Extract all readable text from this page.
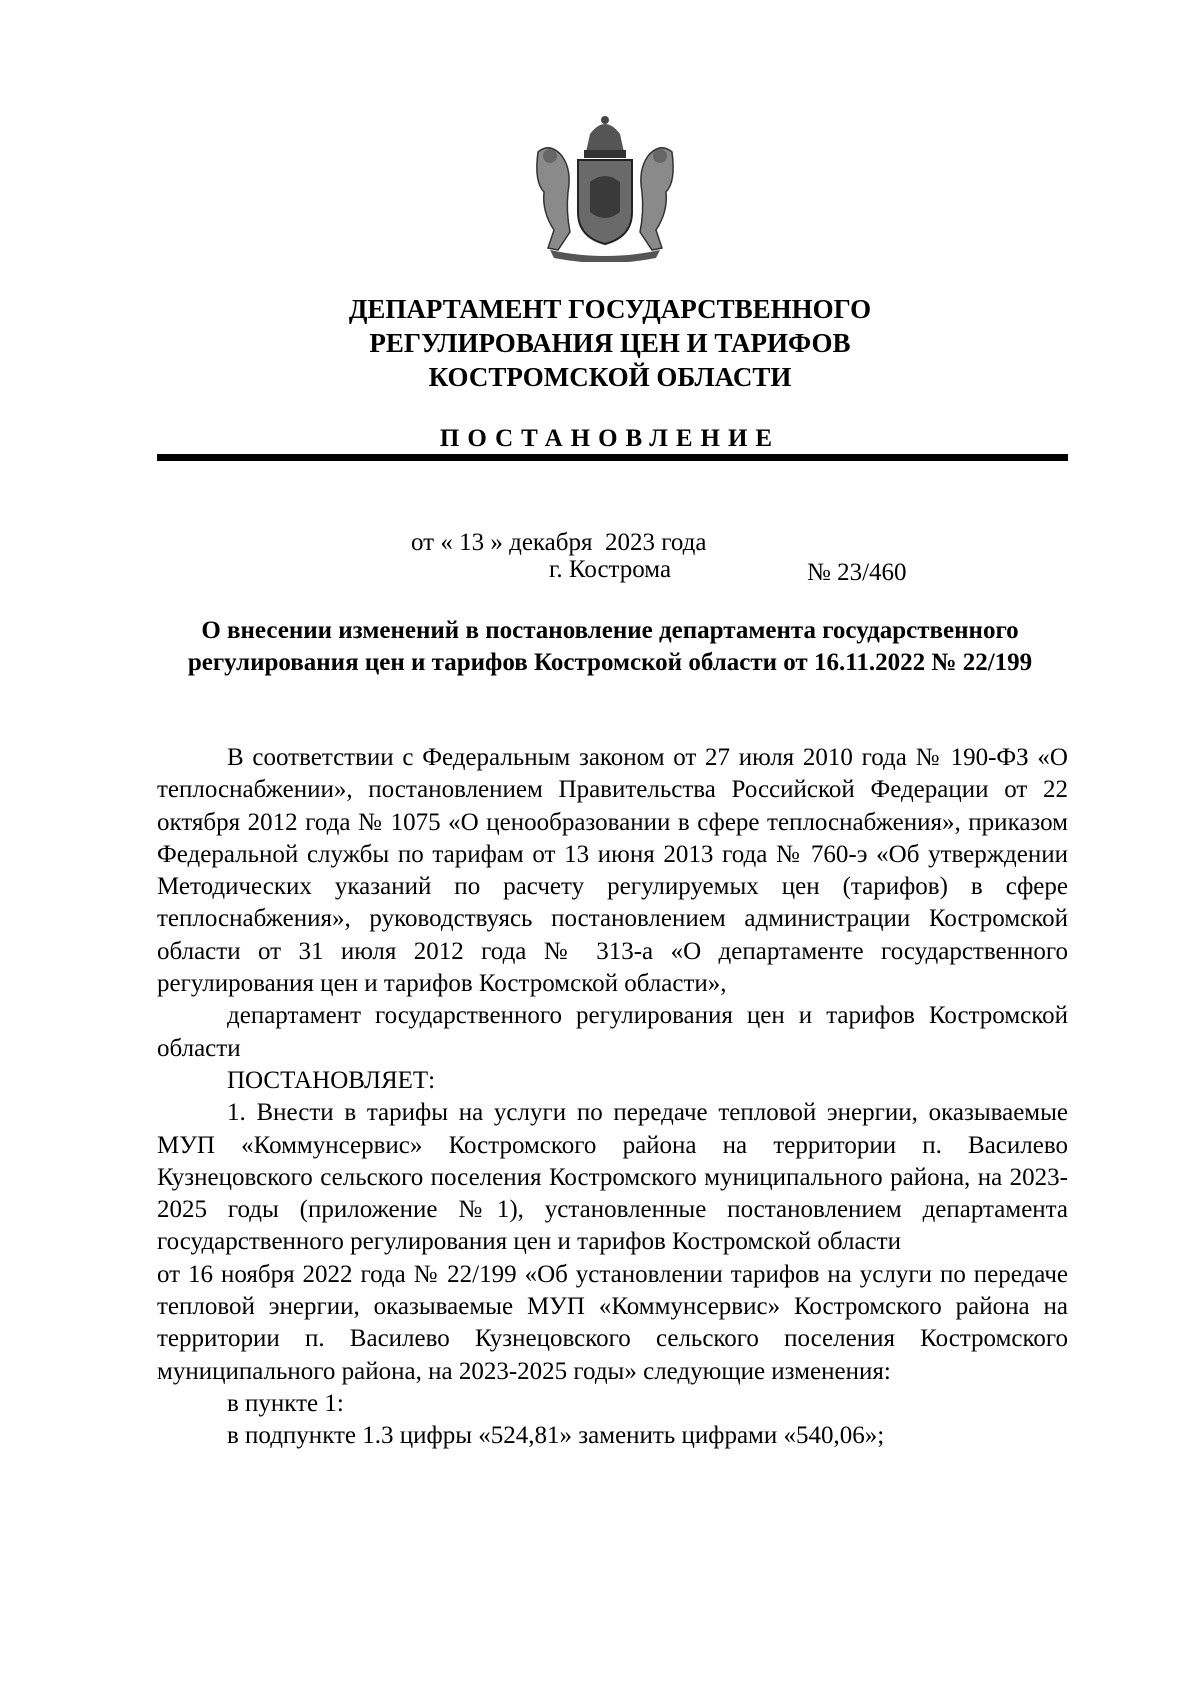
ДЕПАРТАМЕНТ ГОСУДАРСТВЕННОГО
РЕГУЛИРОВАНИЯ ЦЕН И ТАРИФОВ
КОСТРОМСКОЙ ОБЛАСТИ
ПОСТАНОВЛЕНИЕ

от « 13 » декабря  2023 года

№ 23/460

г. Кострома
О внесении изменений в постановление департамента государственного
регулирования цен и тарифов Костромской области от 16.11.2022 № 22/199

В соответствии с Федеральным законом от 27 июля 2010 года № 190-ФЗ «О теплоснабжении», постановлением Правительства Российской Федерации от 22 октября 2012 года № 1075 «О ценообразовании в сфере теплоснабжения», приказом Федеральной службы по тарифам от 13 июня 2013 года № 760-э «Об утверждении Методических указаний по расчету регулируемых цен (тарифов) в сфере теплоснабжения», руководствуясь постановлением администрации Костромской области от 31 июля 2012 года № 313-а «О департаменте государственного регулирования цен и тарифов Костромской области»,

департамент государственного регулирования цен и тарифов Костромской области

ПОСТАНОВЛЯЕТ:

1. Внести в тарифы на услуги по передаче тепловой энергии, оказываемые МУП «Коммунсервис» Костромского района на территории п. Василево Кузнецовского сельского поселения Костромского муниципального района, на 2023-2025 годы (приложение №1), установленные постановлением департамента государственного регулирования цен и тарифов Костромской области

от 16 ноября 2022 года № 22/199 «Об установлении тарифов на услуги по передаче тепловой энергии, оказываемые МУП «Коммунсервис» Костромского района на территории п. Василево Кузнецовского сельского поселения Костромского муниципального района, на 2023-2025 годы» следующие изменения:

в пункте 1:

в подпункте 1.3 цифры «524,81» заменить цифрами «540,06»;
